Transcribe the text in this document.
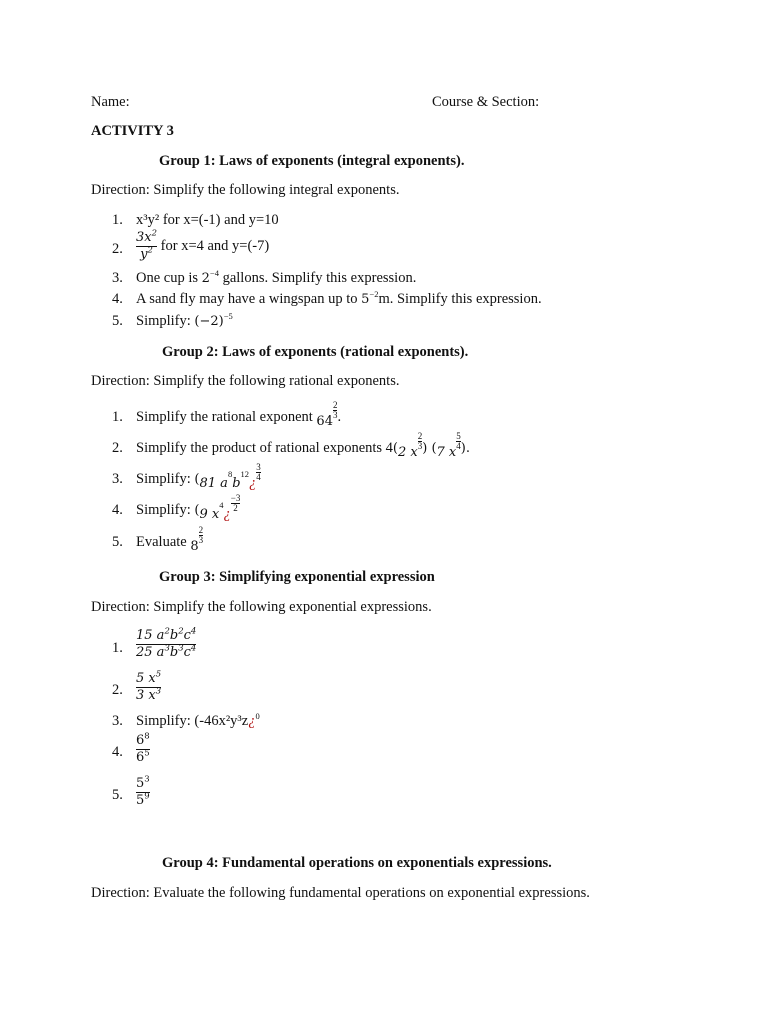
Name:	Course & Section:
ACTIVITY 3
Group 1: Laws of exponents (integral exponents).
Direction: Simplify the following integral exponents.
1. x³y² for x=(-1) and y=10
2. $\frac{3x^2}{y^2}$ for x=4 and y=(-7)
3. One cup is $2^{-4}$ gallons. Simplify this expression.
4. A sand fly may have a wingspan up to $5^{-2}m$. Simplify this expression.
5. Simplify: $(-2)^{-5}$
Group 2: Laws of exponents (rational exponents).
Direction: Simplify the following rational exponents.
1. Simplify the rational exponent 64
$\frac{2}{3}$ .
2. Simplify the product of rational exponents 4(2 x
$\frac{2}{3}$ ) (7 x
$\frac{5}{4}$ ).
3. Simplify: (81 $a^8b^{12}¿$
$\frac{3}{4}$
4. Simplify: (9 $x^4¿$
$\frac{-3}{2}$
5. Evaluate 8
$\frac{2}{3}$
Group 3: Simplifying exponential expression
Direction: Simplify the following exponential expressions.
1. $\frac{15 a^2b^2c^4}{25 a^3b^3c^4}$
2. $\frac{5 x^5}{3 x^3}$
3. Simplify: (-46x²y³z¿$^0$
4. $\frac{6^8}{6^5}$
5. $\frac{5^3}{5^9}$
Group 4: Fundamental operations on exponentials expressions.
Direction: Evaluate the following fundamental operations on exponential expressions.
